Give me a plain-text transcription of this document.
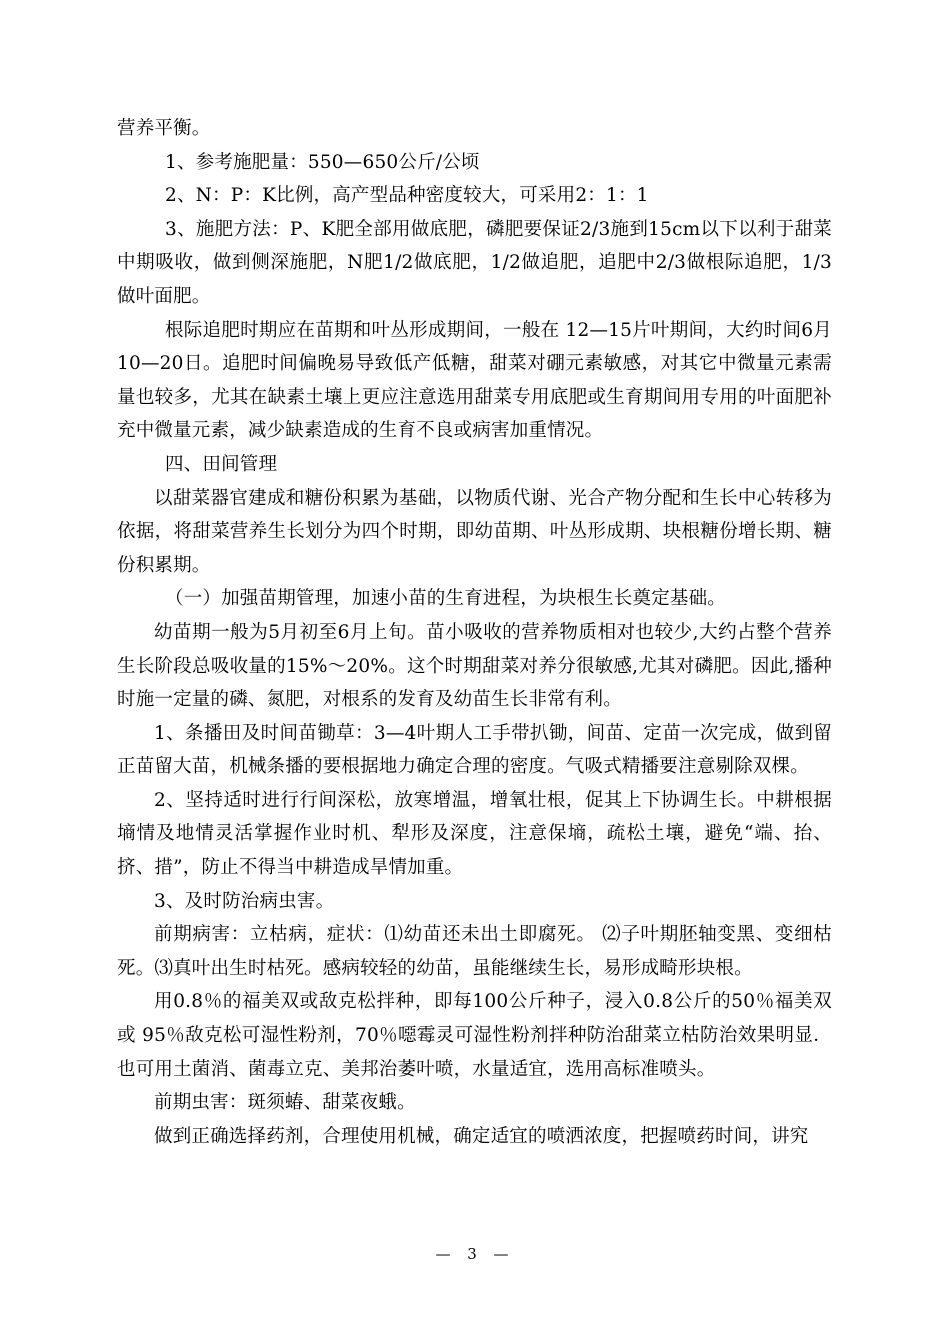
营养平衡。

1、参考施肥量：550—650公斤/公顷

2、N：P：K比例，高产型品种密度较大，可采用2：1：1

3、施肥方法：P、K肥全部用做底肥，磷肥要保证2/3施到15cm以下以利于甜菜中期吸收，做到侧深施肥，N肥1/2做底肥，1/2做追肥，追肥中2/3做根际追肥，1/3做叶面肥。

根际追肥时期应在苗期和叶丛形成期间，一般在 12—15片叶期间，大约时间6月10—20日。追肥时间偏晚易导致低产低糖，甜菜对硼元素敏感，对其它中微量元素需量也较多，尤其在缺素土壤上更应注意选用甜菜专用底肥或生育期间用专用的叶面肥补充中微量元素，减少缺素造成的生育不良或病害加重情况。

四、田间管理

以甜菜器官建成和糖份积累为基础，以物质代谢、光合产物分配和生长中心转移为依据，将甜菜营养生长划分为四个时期，即幼苗期、叶丛形成期、块根糖份增长期、糖份积累期。

（一）加强苗期管理，加速小苗的生育进程，为块根生长奠定基础。

幼苗期一般为5月初至6月上旬。苗小吸收的营养物质相对也较少,大约占整个营养生长阶段总吸收量的15%～20%。这个时期甜菜对养分很敏感,尤其对磷肥。因此,播种时施一定量的磷、氮肥，对根系的发育及幼苗生长非常有利。

1、条播田及时间苗锄草：3—4叶期人工手带扒锄，间苗、定苗一次完成，做到留正苗留大苗，机械条播的要根据地力确定合理的密度。气吸式精播要注意剔除双棵。

2、坚持适时进行行间深松，放寒增温，增氧壮根，促其上下协调生长。中耕根据墒情及地情灵活掌握作业时机、犁形及深度，注意保墒，疏松土壤，避免“端、抬、挤、措”，防止不得当中耕造成旱情加重。

3、及时防治病虫害。

前期病害：立枯病，症状：⑴幼苗还未出土即腐死。 ⑵子叶期胚轴变黑、变细枯死。⑶真叶出生时枯死。感病较轻的幼苗，虽能继续生长，易形成畸形块根。

用0.8％的福美双或敌克松拌种，即每100公斤种子，浸入0.8公斤的50％福美双或 95％敌克松可湿性粉剂，70％噁霉灵可湿性粉剂拌种防治甜菜立枯防治效果明显．也可用土菌消、菌毒立克、美邦治萎叶喷，水量适宜，选用高标准喷头。

前期虫害：斑须蝽、甜菜夜蛾。

做到正确选择药剂，合理使用机械，确定适宜的喷洒浓度，把握喷药时间，讲究

— 3 —
